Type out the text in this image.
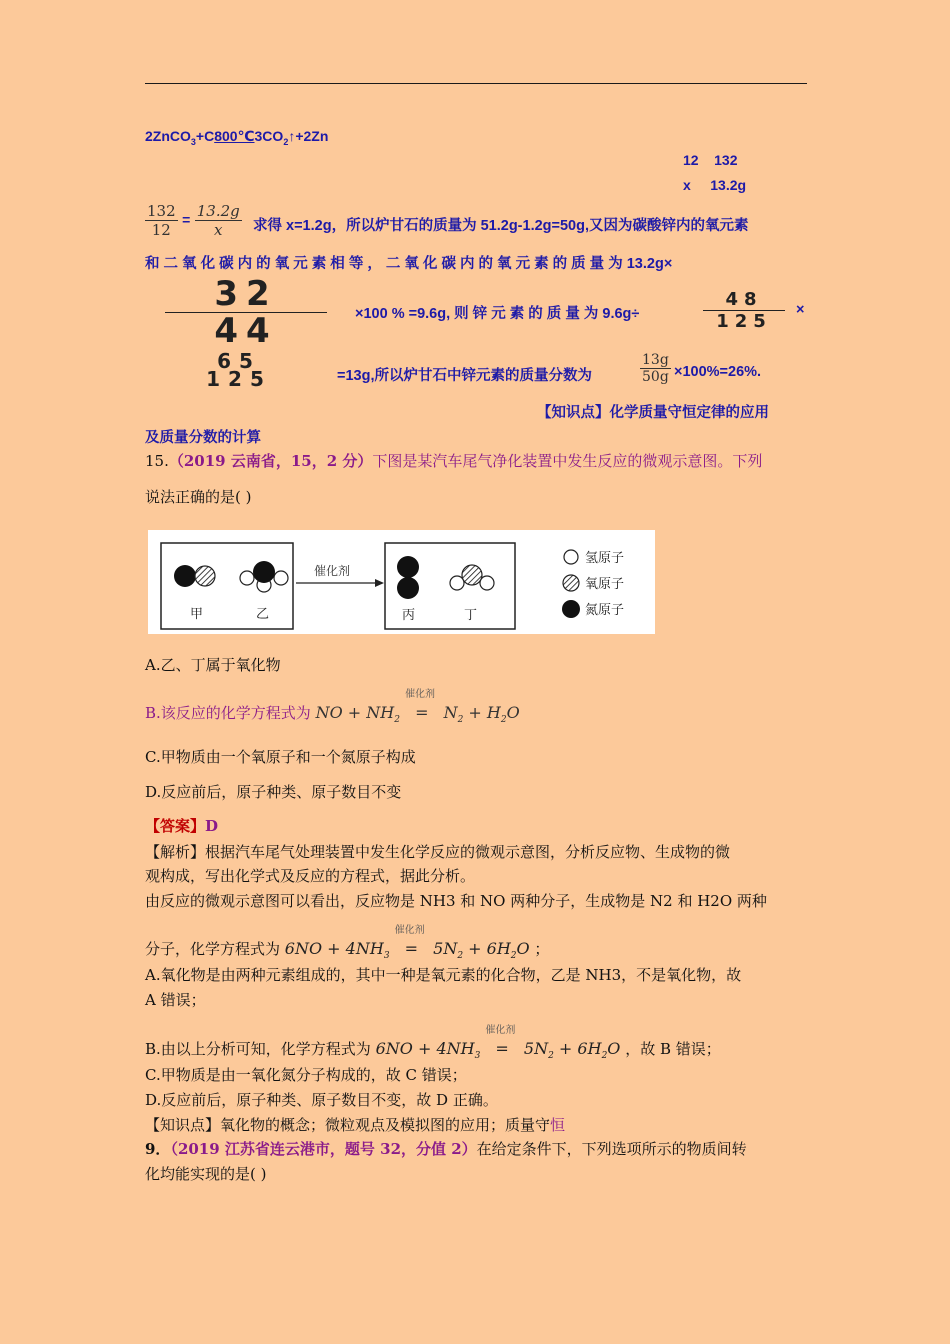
$2ZnCO_3+C800℃3CO_2↑+2Zn$
12 132
x 13.2g
$\frac{132}{12} = \frac{13.2g}{x}$ 求得 x=1.2g，所以炉甘石的质量为 51.2g-1.2g=50g,又因为碳酸锌内的氧元素
和 二 氧 化 碳 内 的 氧 元 素 相 等 ， 二 氧 化 碳 内 的 氧 元 素 的 质 量 为 13.2g×
32
44	×100 % =9.6g, 则 锌 元 素 的 质 量 为 9.6g÷
48
125
×
65
125	=13g,所以炉甘石中锌元素的质量分数为	$\frac{13g}{50g} \times 100\%=26\%$.
【知识点】化学质量守恒定律的应用
及质量分数的计算
15.（2019 云南省，15，2 分）下图是某汽车尾气净化装置中发生反应的微观示意图。下列
说法正确的是( )
甲	乙
催化剂
丙	丁
氢原子
氧原子
氮原子
A.乙、丁属于氧化物
B.该反应的化学方程式为 NO + $NH_2$
催化剂
= $N_2 + H_2O$
C.甲物质由一个氧原子和一个氮原子构成
D.反应前后，原子种类、原子数目不变
【答案】D
【解析】根据汽车尾气处理装置中发生化学反应的微观示意图，分析反应物、生成物的微
观构成，写出化学式及反应的方程式，据此分析。
由反应的微观示意图可以看出，反应物是 NH3 和 NO 两种分子，生成物是 N2 和 H2O 两种
分子，化学方程式为 $6NO + 4NH_3$
催化剂
= $5N_2 + 6H_2O$ ；
A.氧化物是由两种元素组成的，其中一种是氧元素的化合物，乙是 NH3，不是氧化物，故
A 错误；
B.由以上分析可知，化学方程式为 $6NO + 4NH_3$
催化剂
= $5N_2 + 6H_2O$ ，故 B 错误；
C.甲物质是由一氧化氮分子构成的，故 C 错误；
D.反应前后，原子种类、原子数目不变，故 D 正确。
【知识点】氧化物的概念；微粒观点及模拟图的应用；质量守恒
9．（2019 江苏省连云港市，题号 32，分值 2）在给定条件下，下列选项所示的物质间转
化均能实现的是( )
